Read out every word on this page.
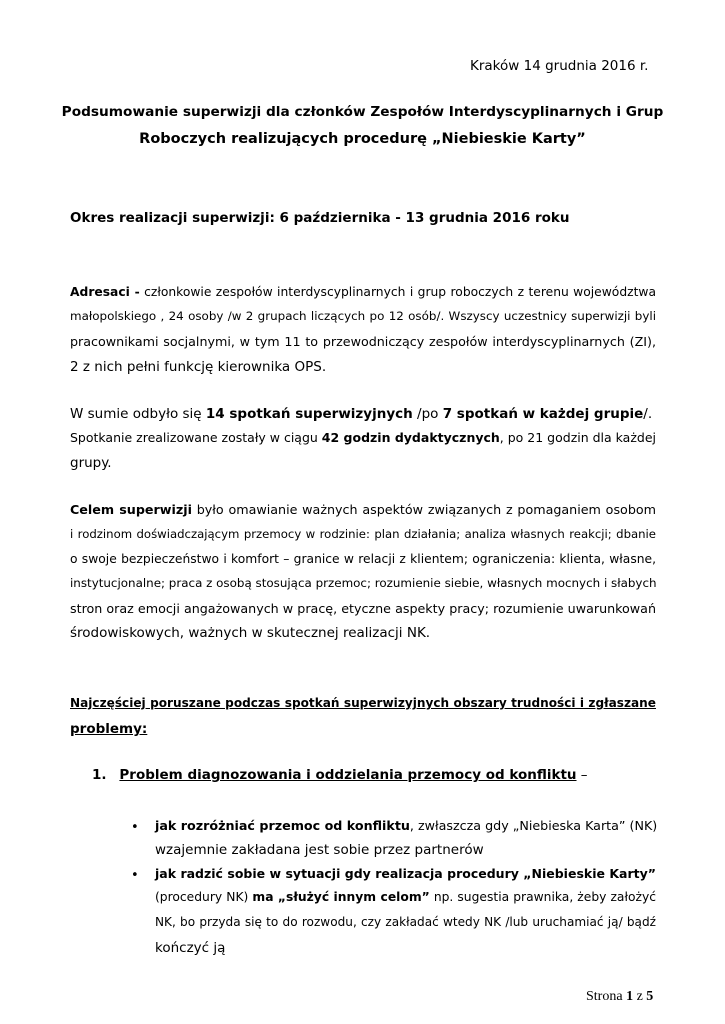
Kraków 14 grudnia 2016 r.
Podsumowanie superwizji dla członków Zespołów Interdyscyplinarnych i Grup
Roboczych realizujących procedurę „Niebieskie Karty”
Okres realizacji superwizji: 6 października - 13 grudnia 2016 roku
Adresaci - członkowie zespołów interdyscyplinarnych i grup roboczych z terenu województwa
małopolskiego , 24 osoby /w 2 grupach liczących po 12 osób/. Wszyscy uczestnicy superwizji byli
pracownikami socjalnymi, w tym 11 to przewodniczący zespołów interdyscyplinarnych (ZI),
2 z nich pełni funkcję kierownika OPS.
W sumie odbyło się 14 spotkań superwizyjnych /po 7 spotkań w każdej grupie/.
Spotkanie zrealizowane zostały w ciągu 42 godzin dydaktycznych, po 21 godzin dla każdej
grupy.
Celem superwizji było omawianie ważnych aspektów związanych z pomaganiem osobom
i rodzinom doświadczającym przemocy w rodzinie: plan działania; analiza własnych reakcji; dbanie
o swoje bezpieczeństwo i komfort – granice w relacji z klientem; ograniczenia: klienta, własne,
instytucjonalne; praca z osobą stosująca przemoc; rozumienie siebie, własnych mocnych i słabych
stron oraz emocji angażowanych w pracę, etyczne aspekty pracy; rozumienie uwarunkowań
środowiskowych, ważnych w skutecznej realizacji NK.
Najczęściej poruszane podczas spotkań superwizyjnych obszary trudności i zgłaszane
problemy:
1. Problem diagnozowania i oddzielania przemocy od konfliktu –
• jak rozróżniać przemoc od konfliktu, zwłaszcza gdy „Niebieska Karta” (NK)
wzajemnie zakładana jest sobie przez partnerów
• jak radzić sobie w sytuacji gdy realizacja procedury „Niebieskie Karty”
(procedury NK) ma „służyć innym celom” np. sugestia prawnika, żeby założyć
NK, bo przyda się to do rozwodu, czy zakładać wtedy NK /lub uruchamiać ją/ bądź
kończyć ją
Strona 1 z 5
